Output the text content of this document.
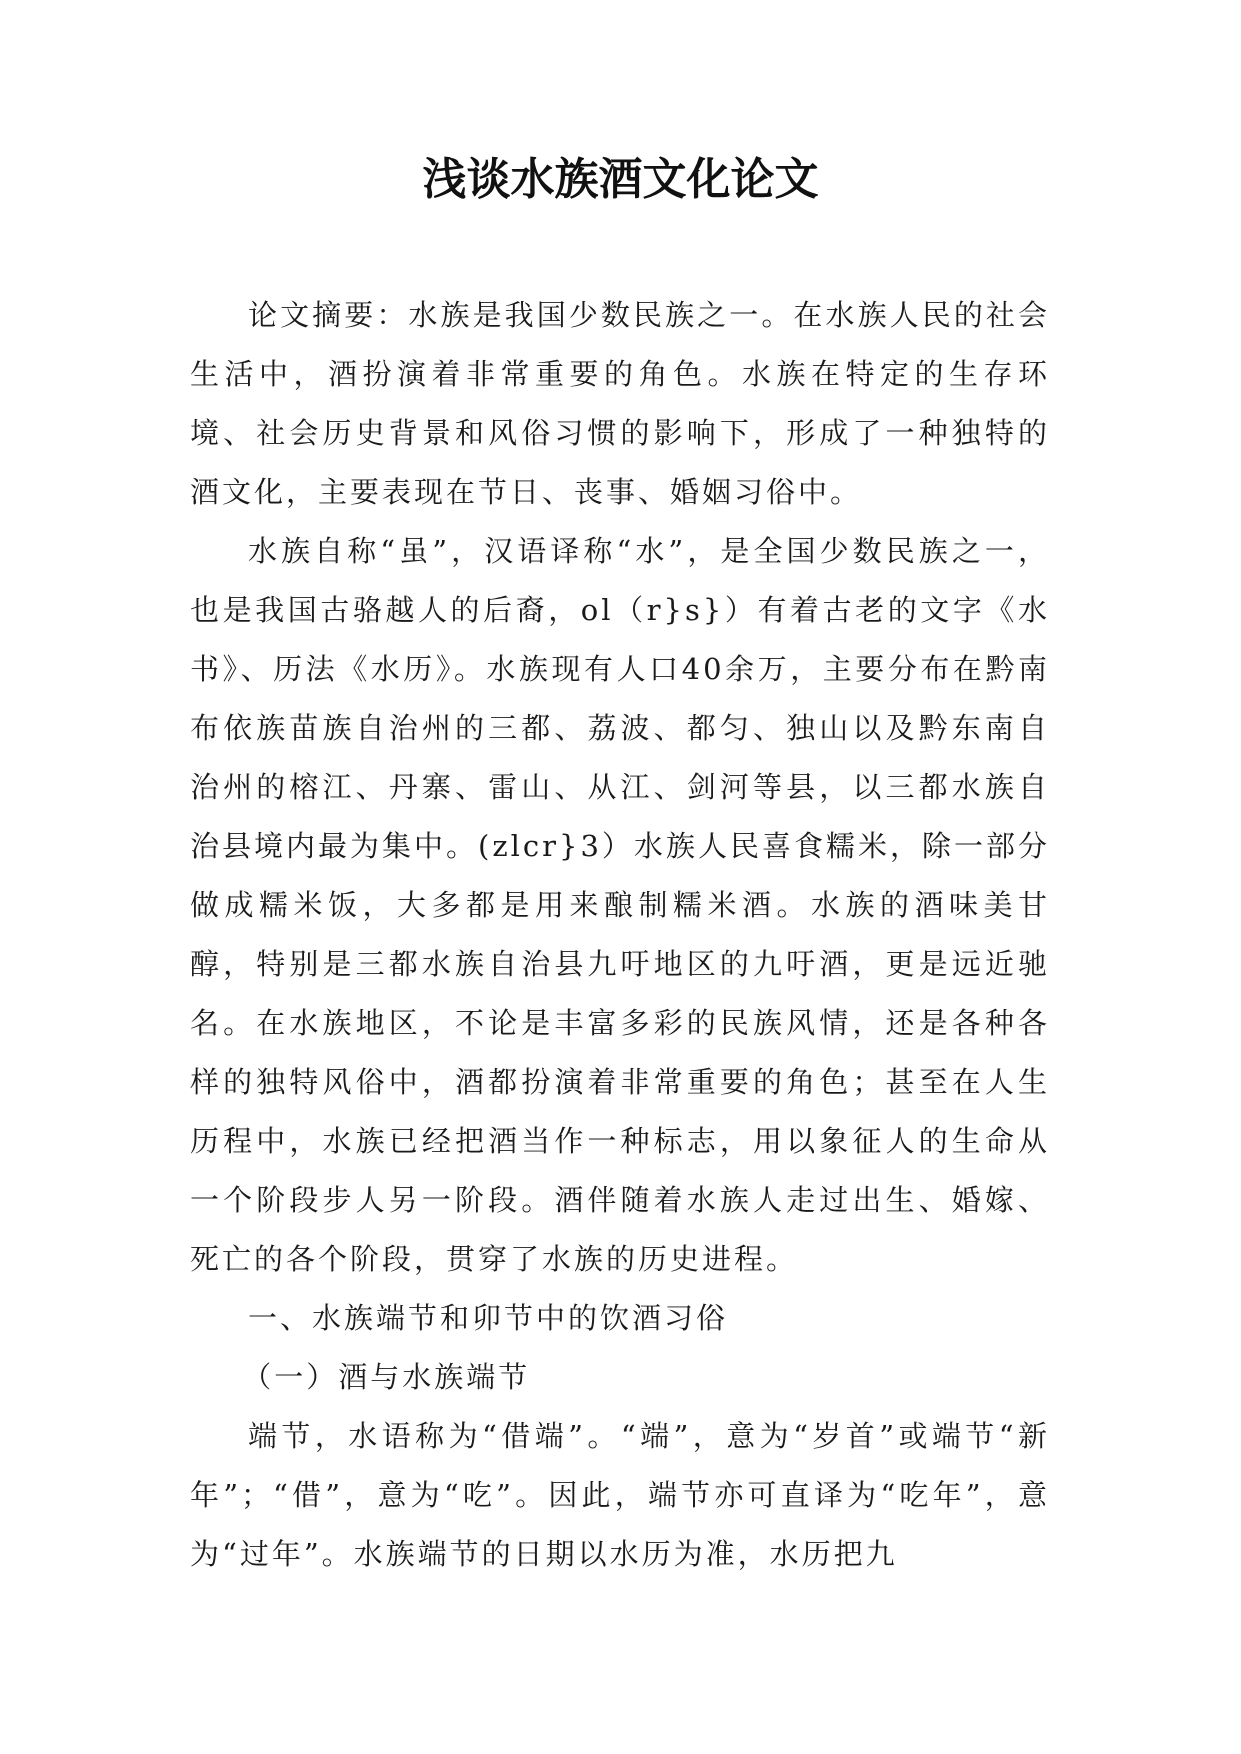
浅谈水族酒文化论文

论文摘要：水族是我国少数民族之一。在水族人民的社会生活中，酒扮演着非常重要的角色。水族在特定的生存环境、社会历史背景和风俗习惯的影响下，形成了一种独特的酒文化，主要表现在节日、丧事、婚姻习俗中。

水族自称“虽”，汉语译称“水”，是全国少数民族之一，也是我国古骆越人的后裔，ol（r}s}）有着古老的文字《水书》、历法《水历》。水族现有人口40余万，主要分布在黔南布依族苗族自治州的三都、荔波、都匀、独山以及黔东南自治州的榕江、丹寨、雷山、从江、剑河等县，以三都水族自治县境内最为集中。(zlcr}3）水族人民喜食糯米，除一部分做成糯米饭，大多都是用来酿制糯米酒。水族的酒味美甘醇，特别是三都水族自治县九吁地区的九吁酒，更是远近驰名。在水族地区，不论是丰富多彩的民族风情，还是各种各样的独特风俗中，酒都扮演着非常重要的角色；甚至在人生历程中，水族已经把酒当作一种标志，用以象征人的生命从一个阶段步人另一阶段。酒伴随着水族人走过出生、婚嫁、死亡的各个阶段，贯穿了水族的历史进程。

一、水族端节和卯节中的饮酒习俗

（一）酒与水族端节

端节，水语称为“借端”。“端”，意为“岁首”或端节“新年”；“借”，意为“吃”。因此，端节亦可直译为“吃年”，意为“过年”。水族端节的日期以水历为准，水历把九
